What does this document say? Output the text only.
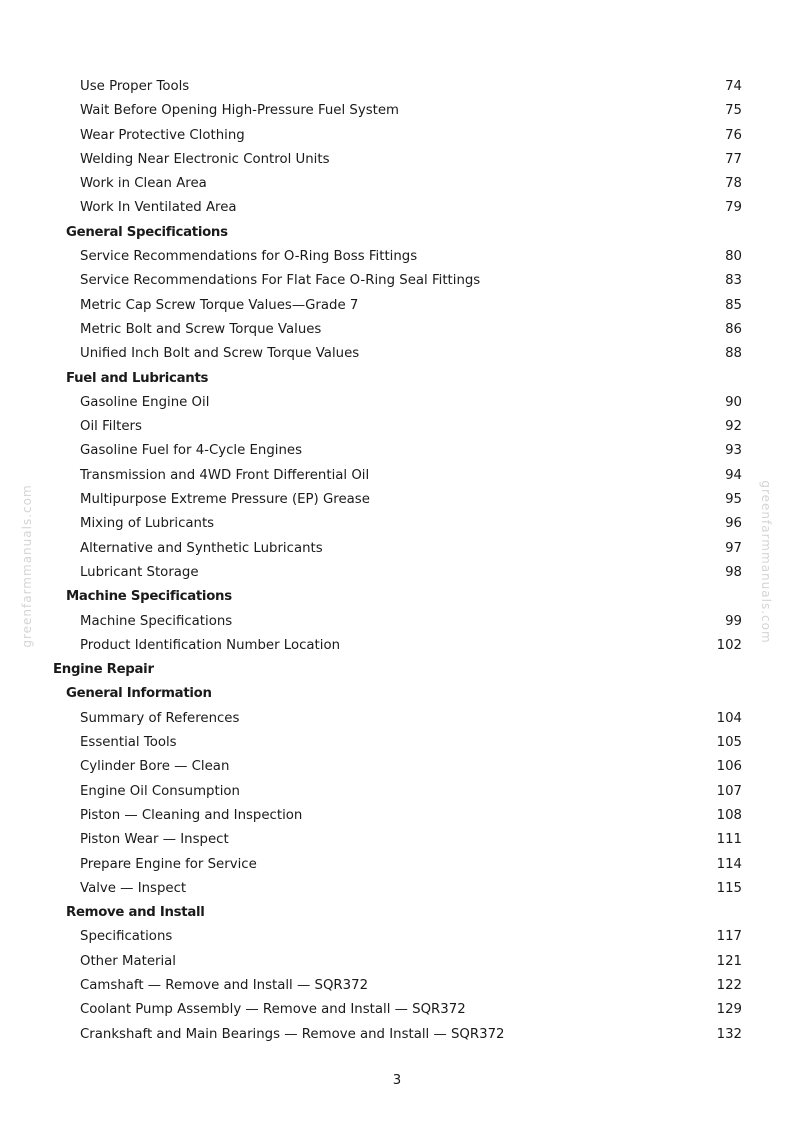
Use Proper Tools	74
Wait Before Opening High-Pressure Fuel System	75
Wear Protective Clothing	76
Welding Near Electronic Control Units	77
Work in Clean Area	78
Work In Ventilated Area	79
General Specifications
Service Recommendations for O-Ring Boss Fittings	80
Service Recommendations For Flat Face O-Ring Seal Fittings	83
Metric Cap Screw Torque Values—Grade 7	85
Metric Bolt and Screw Torque Values	86
Unified Inch Bolt and Screw Torque Values	88
Fuel and Lubricants
Gasoline Engine Oil	90
Oil Filters	92
Gasoline Fuel for 4-Cycle Engines	93
Transmission and 4WD Front Differential Oil	94
Multipurpose Extreme Pressure (EP) Grease	95
Mixing of Lubricants	96
Alternative and Synthetic Lubricants	97
Lubricant Storage	98
Machine Specifications
Machine Specifications	99
Product Identification Number Location	102
Engine Repair
General Information
Summary of References	104
Essential Tools	105
Cylinder Bore — Clean	106
Engine Oil Consumption	107
Piston — Cleaning and Inspection	108
Piston Wear — Inspect	111
Prepare Engine for Service	114
Valve — Inspect	115
Remove and Install
Specifications	117
Other Material	121
Camshaft — Remove and Install — SQR372	122
Coolant Pump Assembly — Remove and Install — SQR372	129
Crankshaft and Main Bearings — Remove and Install — SQR372	132
greenfarmmanuals.com	greenfarmmanuals.com
3
